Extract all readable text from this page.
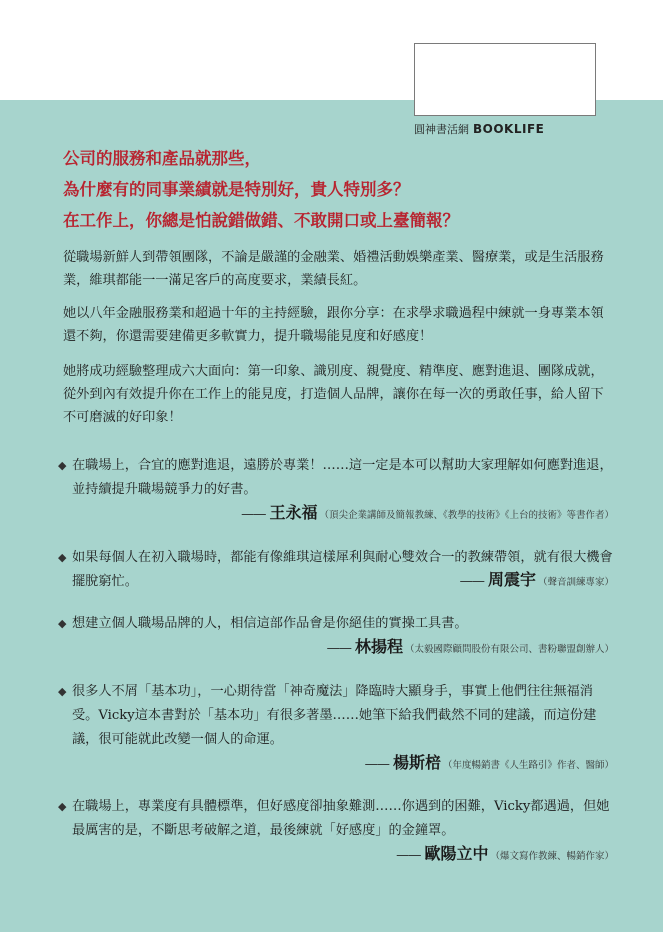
圓神書活網 BOOKLIFE
公司的服務和產品就那些，
為什麼有的同事業績就是特別好，貴人特別多？
在工作上，你總是怕說錯做錯、不敢開口或上臺簡報？
從職場新鮮人到帶領團隊，不論是嚴謹的金融業、婚禮活動娛樂產業、醫療業，或是生活服務業，維琪都能一一滿足客戶的高度要求，業績長紅。
她以八年金融服務業和超過十年的主持經驗，跟你分享：在求學求職過程中練就一身專業本領還不夠，你還需要建備更多軟實力，提升職場能見度和好感度！
她將成功經驗整理成六大面向：第一印象、識別度、親覺度、精準度、應對進退、團隊成就，從外到內有效提升你在工作上的能見度，打造個人品牌，讓你在每一次的勇敢任事，給人留下不可磨滅的好印象！
◆ 在職場上，合宜的應對進退，遠勝於專業！……這一定是本可以幫助大家理解如何應對進退，並持續提升職場競爭力的好書。
—— 王永福 （頂尖企業講師及簡報教練、《教學的技術》《上台的技術》等書作者）
◆ 如果每個人在初入職場時，都能有像維琪這樣犀利與耐心雙效合一的教練帶領，就有很大機會擺脫窮忙。	—— 周震宇 （聲音訓練專家）
◆ 想建立個人職場品牌的人，相信這部作品會是你絕佳的實操工具書。
—— 林揚程 （太毅國際顧問股份有限公司、書粉聯盟創辦人）
◆ 很多人不屑「基本功」，一心期待當「神奇魔法」降臨時大顯身手，事實上他們往往無福消受。Vicky這本書對於「基本功」有很多著墨……她筆下給我們截然不同的建議，而這份建議，很可能就此改變一個人的命運。
—— 楊斯棓 （年度暢銷書《人生路引》作者、醫師）
◆ 在職場上，專業度有具體標準，但好感度卻抽象難測……你遇到的困難，Vicky都遇過，但她最厲害的是，不斷思考破解之道，最後練就「好感度」的金鐘罩。
—— 歐陽立中 （爆文寫作教練、暢銷作家）
